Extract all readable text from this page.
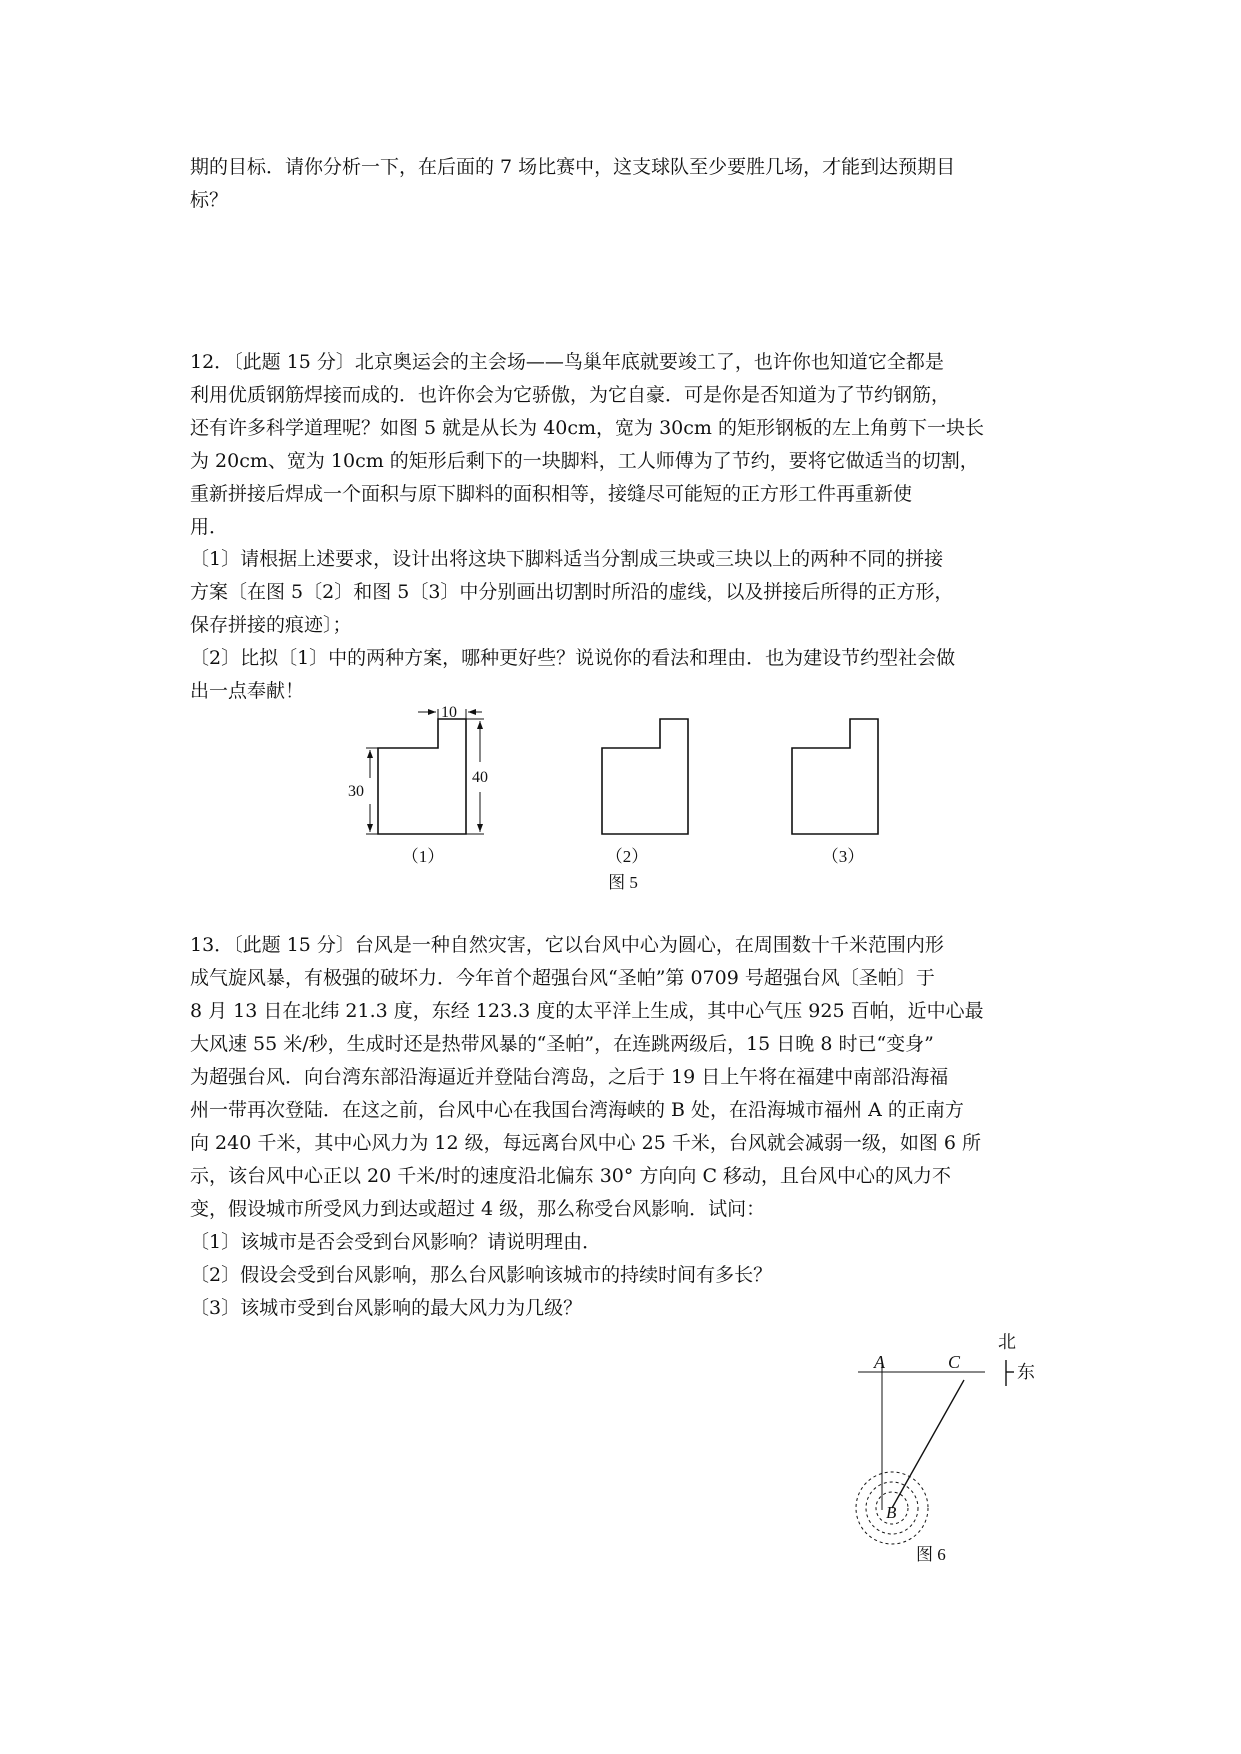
期的目标．请你分析一下，在后面的 7 场比赛中，这支球队至少要胜几场，才能到达预期目
标？
12．〔此题 15 分〕北京奥运会的主会场——鸟巢年底就要竣工了，也许你也知道它全都是
利用优质钢筋焊接而成的．也许你会为它骄傲，为它自豪．可是你是否知道为了节约钢筋，
还有许多科学道理呢？如图 5 就是从长为 40cm，宽为 30cm 的矩形钢板的左上角剪下一块长
为 20cm、宽为 10cm 的矩形后剩下的一块脚料，工人师傅为了节约，要将它做适当的切割，
重新拼接后焊成一个面积与原下脚料的面积相等，接缝尽可能短的正方形工件再重新使
用．
〔1〕请根据上述要求，设计出将这块下脚料适当分割成三块或三块以上的两种不同的拼接
方案〔在图 5〔2〕和图 5〔3〕中分别画出切割时所沿的虚线，以及拼接后所得的正方形，
保存拼接的痕迹〕；
〔2〕比拟〔1〕中的两种方案，哪种更好些？说说你的看法和理由．也为建设节约型社会做
出一点奉献！
10
30
40
（1）	（2）	（3）
图 5
13．〔此题 15 分〕台风是一种自然灾害，它以台风中心为圆心，在周围数十千米范围内形
成气旋风暴，有极强的破坏力．今年首个超强台风“圣帕”第 0709 号超强台风〔圣帕〕于
8 月 13 日在北纬 21.3 度，东经 123.3 度的太平洋上生成，其中心气压 925 百帕，近中心最
大风速 55 米/秒，生成时还是热带风暴的“圣帕”，在连跳两级后，15 日晚 8 时已“变身”
为超强台风．向台湾东部沿海逼近并登陆台湾岛，之后于 19 日上午将在福建中南部沿海福
州一带再次登陆．在这之前，台风中心在我国台湾海峡的 B 处，在沿海城市福州 A 的正南方
向 240 千米，其中心风力为 12 级，每远离台风中心 25 千米，台风就会减弱一级，如图 6 所
示，该台风中心正以 20 千米/时的速度沿北偏东 30° 方向向 C 移动，且台风中心的风力不
变，假设城市所受风力到达或超过 4 级，那么称受台风影响．试问：
〔1〕该城市是否会受到台风影响？请说明理由．
〔2〕假设会受到台风影响，那么台风影响该城市的持续时间有多长？
〔3〕该城市受到台风影响的最大风力为几级？
A	C
B
北
东
图 6
